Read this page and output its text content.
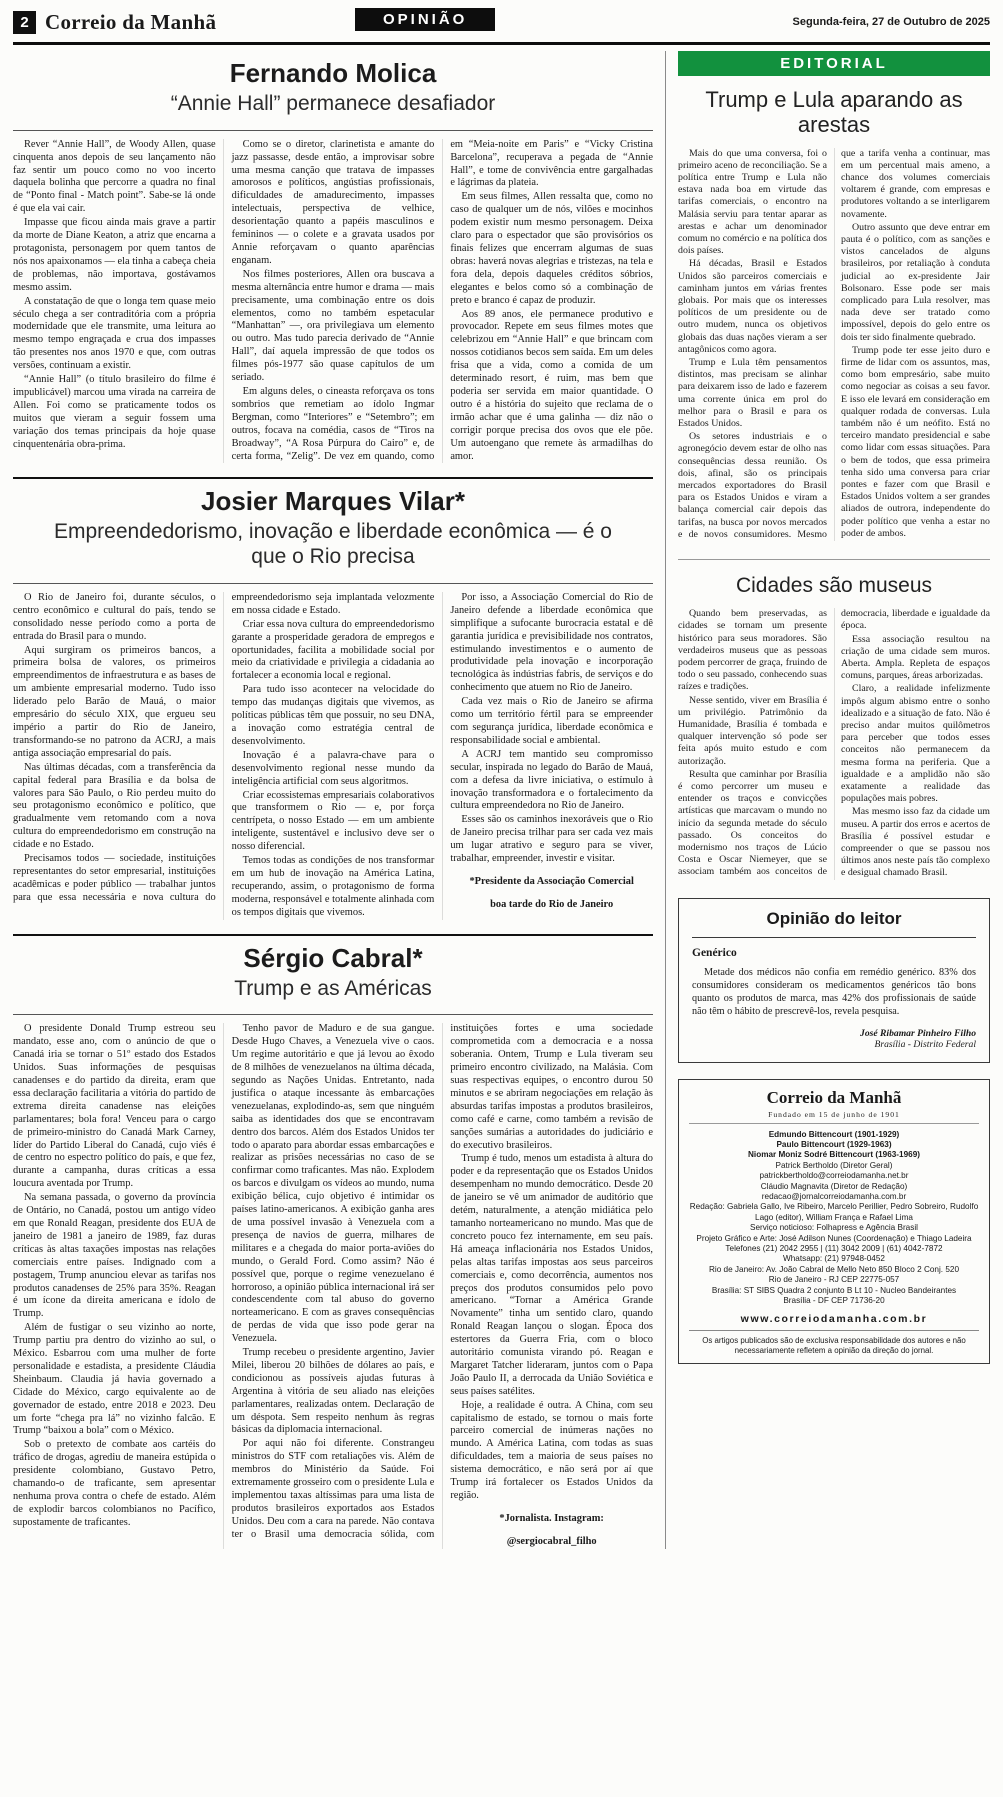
2 Correio da Manhã	OPINIÃO	Segunda-feira, 27 de Outubro de 2025
Fernando Molica
“Annie Hall” permanece desafiador

Rever “Annie Hall”, de Woody Allen, quase cinquenta anos depois de seu lançamento não faz sentir um pouco como no voo incerto daquela bolinha que percorre a quadra no final de “Ponto final - Match point”. Sabe-se lá onde é que ela vai cair.

Impasse que ficou ainda mais grave a partir da morte de Diane Keaton, a atriz que encarna a protagonista, personagem por quem tantos de nós nos apaixonamos — ela tinha a cabeça cheia de problemas, não importava, gostávamos mesmo assim.

A constatação de que o longa tem quase meio século chega a ser contraditória com a própria modernidade que ele transmite, uma leitura ao mesmo tempo engraçada e crua dos impasses tão presentes nos anos 1970 e que, com outras versões, continuam a existir.

“Annie Hall” (o título brasileiro do filme é impublicável) marcou uma virada na carreira de Allen. Foi como se praticamente todos os muitos que vieram a seguir fossem uma variação dos temas principais da hoje quase cinquentenária obra-prima.

Como se o diretor, clarinetista e amante do jazz passasse, desde então, a improvisar sobre uma mesma canção que tratava de impasses amorosos e políticos, angústias profissionais, dificuldades de amadurecimento, impasses intelectuais, perspectiva de velhice, desorientação quanto a papéis masculinos e femininos — o colete e a gravata usados por Annie reforçavam o quanto aparências enganam.

Nos filmes posteriores, Allen ora buscava a mesma alternância entre humor e drama — mais precisamente, uma combinação entre os dois elementos, como no também espetacular “Manhattan” —, ora privilegiava um elemento ou outro. Mas tudo parecia derivado de “Annie Hall”, daí aquela impressão de que todos os filmes pós-1977 são quase capítulos de um seriado.

Em alguns deles, o cineasta reforçava os tons sombrios que remetiam ao ídolo Ingmar Bergman, como “Interiores” e “Setembro”; em outros, focava na comédia, casos de “Tiros na Broadway”, “A Rosa Púrpura do Cairo” e, de certa forma, “Zelig”. De vez em quando, como em “Meia-noite em Paris” e “Vicky Cristina Barcelona”, recuperava a pegada de “Annie Hall”, e tome de convivência entre gargalhadas e lágrimas da plateia.

Em seus filmes, Allen ressalta que, como no caso de qualquer um de nós, vilões e mocinhos podem existir num mesmo personagem. Deixa claro para o espectador que são provisórios os finais felizes que encerram algumas de suas obras: haverá novas alegrias e tristezas, na tela e fora dela, depois daqueles créditos sóbrios, elegantes e belos como só a combinação de preto e branco é capaz de produzir.

Aos 89 anos, ele permanece produtivo e provocador. Repete em seus filmes motes que celebrizou em “Annie Hall” e que brincam com nossos cotidianos becos sem saída. Em um deles frisa que a vida, como a comida de um determinado resort, é ruim, mas bem que poderia ser servida em maior quantidade. O outro é a história do sujeito que reclama de o irmão achar que é uma galinha — diz não o corrigir porque precisa dos ovos que ele põe. Um autoengano que remete às armadilhas do amor.

Josier Marques Vilar*
Empreendedorismo, inovação e liberdade econômica — é o que o Rio precisa

O Rio de Janeiro foi, durante séculos, o centro econômico e cultural do país, tendo se consolidado nesse período como a porta de entrada do Brasil para o mundo.

Aqui surgiram os primeiros bancos, a primeira bolsa de valores, os primeiros empreendimentos de infraestrutura e as bases de um ambiente empresarial moderno. Tudo isso liderado pelo Barão de Mauá, o maior empresário do século XIX, que ergueu seu império a partir do Rio de Janeiro, transformando-se no patrono da ACRJ, a mais antiga associação empresarial do país.

Nas últimas décadas, com a transferência da capital federal para Brasília e da bolsa de valores para São Paulo, o Rio perdeu muito do seu protagonismo econômico e político, que gradualmente vem retomando com a nova cultura do empreendedorismo em construção na cidade e no Estado.

Precisamos todos — sociedade, instituições representantes do setor empresarial, instituições acadêmicas e poder público — trabalhar juntos para que essa necessária e nova cultura do empreendedorismo seja implantada velozmente em nossa cidade e Estado.

Criar essa nova cultura do empreendedorismo garante a prosperidade geradora de empregos e oportunidades, facilita a mobilidade social por meio da criatividade e privilegia a cidadania ao fortalecer a economia local e regional.

Para tudo isso acontecer na velocidade do tempo das mudanças digitais que vivemos, as políticas públicas têm que possuir, no seu DNA, a inovação como estratégia central de desenvolvimento.

Inovação é a palavra-chave para o desenvolvimento regional nesse mundo da inteligência artificial com seus algoritmos.

Criar ecossistemas empresariais colaborativos que transformem o Rio — e, por força centrípeta, o nosso Estado — em um ambiente inteligente, sustentável e inclusivo deve ser o nosso diferencial.

Temos todas as condições de nos transformar em um hub de inovação na América Latina, recuperando, assim, o protagonismo de forma moderna, responsável e totalmente alinhada com os tempos digitais que vivemos.

Por isso, a Associação Comercial do Rio de Janeiro defende a liberdade econômica que simplifique a sufocante burocracia estatal e dê garantia jurídica e previsibilidade nos contratos, estimulando investimentos e o aumento de produtividade pela inovação e incorporação tecnológica às indústrias fabris, de serviços e do conhecimento que atuem no Rio de Janeiro.

Cada vez mais o Rio de Janeiro se afirma como um território fértil para se empreender com segurança jurídica, liberdade econômica e responsabilidade social e ambiental.

A ACRJ tem mantido seu compromisso secular, inspirada no legado do Barão de Mauá, com a defesa da livre iniciativa, o estímulo à inovação transformadora e o fortalecimento da cultura empreendedora no Rio de Janeiro.

Esses são os caminhos inexoráveis que o Rio de Janeiro precisa trilhar para ser cada vez mais um lugar atrativo e seguro para se viver, trabalhar, empreender, investir e visitar.

*Presidente da Associação Comercial

boa tarde do Rio de Janeiro

Sérgio Cabral*
Trump e as Américas

O presidente Donald Trump estreou seu mandato, esse ano, com o anúncio de que o Canadá iria se tornar o 51º estado dos Estados Unidos. Suas informações de pesquisas canadenses e do partido da direita, eram que essa declaração facilitaria a vitória do partido de extrema direita canadense nas eleições parlamentares; bola fora! Venceu para o cargo de primeiro-ministro do Canadá Mark Carney, líder do Partido Liberal do Canadá, cujo viés é de centro no espectro político do país, e que fez, durante a campanha, duras críticas a essa loucura aventada por Trump.

Na semana passada, o governo da província de Ontário, no Canadá, postou um antigo vídeo em que Ronald Reagan, presidente dos EUA de janeiro de 1981 a janeiro de 1989, faz duras críticas às altas taxações impostas nas relações comerciais entre países. Indignado com a postagem, Trump anunciou elevar as tarifas nos produtos canadenses de 25% para 35%. Reagan é um ícone da direita americana e ídolo de Trump.

Além de fustigar o seu vizinho ao norte, Trump partiu pra dentro do vizinho ao sul, o México. Esbarrou com uma mulher de forte personalidade e estadista, a presidente Cláudia Sheinbaum. Claudia já havia governado a Cidade do México, cargo equivalente ao de governador de estado, entre 2018 e 2023. Deu um forte “chega pra lá” no vizinho falcão. E Trump “baixou a bola” com o México.

Sob o pretexto de combate aos cartéis do tráfico de drogas, agrediu de maneira estúpida o presidente colombiano, Gustavo Petro, chamando-o de traficante, sem apresentar nenhuma prova contra o chefe de estado. Além de explodir barcos colombianos no Pacífico, supostamente de traficantes.

Tenho pavor de Maduro e de sua gangue. Desde Hugo Chaves, a Venezuela vive o caos. Um regime autoritário e que já levou ao êxodo de 8 milhões de venezuelanos na última década, segundo as Nações Unidas. Entretanto, nada justifica o ataque incessante às embarcações venezuelanas, explodindo-as, sem que ninguém saiba as identidades dos que se encontravam dentro dos barcos. Além dos Estados Unidos ter todo o aparato para abordar essas embarcações e realizar as prisões necessárias no caso de se confirmar como traficantes. Mas não. Explodem os barcos e divulgam os vídeos ao mundo, numa exibição bélica, cujo objetivo é intimidar os países latino-americanos. A exibição ganha ares de uma possível invasão à Venezuela com a presença de navios de guerra, milhares de militares e a chegada do maior porta-aviões do mundo, o Gerald Ford. Como assim? Não é possível que, porque o regime venezuelano é horroroso, a opinião pública internacional irá ser condescendente com tal abuso do governo norteamericano. E com as graves consequências de perdas de vida que isso pode gerar na Venezuela.

Trump recebeu o presidente argentino, Javier Milei, liberou 20 bilhões de dólares ao país, e condicionou as possíveis ajudas futuras à Argentina à vitória de seu aliado nas eleições parlamentares, realizadas ontem. Declaração de um déspota. Sem respeito nenhum às regras básicas da diplomacia internacional.

Por aqui não foi diferente. Constrangeu ministros do STF com retaliações vis. Além de membros do Ministério da Saúde. Foi extremamente grosseiro com o presidente Lula e implementou taxas altíssimas para uma lista de produtos brasileiros exportados aos Estados Unidos. Deu com a cara na parede. Não contava ter o Brasil uma democracia sólida, com instituições fortes e uma sociedade comprometida com a democracia e a nossa soberania. Ontem, Trump e Lula tiveram seu primeiro encontro civilizado, na Malásia. Com suas respectivas equipes, o encontro durou 50 minutos e se abriram negociações em relação às absurdas tarifas impostas a produtos brasileiros, como café e carne, como também a revisão de sanções sumárias a autoridades do judiciário e do executivo brasileiros.

Trump é tudo, menos um estadista à altura do poder e da representação que os Estados Unidos desempenham no mundo democrático. Desde 20 de janeiro se vê um animador de auditório que detém, naturalmente, a atenção midiática pelo tamanho norteamericano no mundo. Mas que de concreto pouco fez internamente, em seu país. Há ameaça inflacionária nos Estados Unidos, pelas altas tarifas impostas aos seus parceiros comerciais e, como decorrência, aumentos nos preços dos produtos consumidos pelo povo americano. “Tornar a América Grande Novamente” tinha um sentido claro, quando Ronald Reagan lançou o slogan. Época dos estertores da Guerra Fria, com o bloco autoritário comunista virando pó. Reagan e Margaret Tatcher lideraram, juntos com o Papa João Paulo II, a derrocada da União Soviética e seus países satélites.

Hoje, a realidade é outra. A China, com seu capitalismo de estado, se tornou o mais forte parceiro comercial de inúmeras nações no mundo. A América Latina, com todas as suas dificuldades, tem a maioria de seus países no sistema democrático, e não será por aí que Trump irá fortalecer os Estados Unidos da região.

*Jornalista. Instagram:

@sergiocabral_filho

EDITORIAL
Trump e Lula aparando as arestas

Mais do que uma conversa, foi o primeiro aceno de reconciliação. Se a política entre Trump e Lula não estava nada boa em virtude das tarifas comerciais, o encontro na Malásia serviu para tentar aparar as arestas e achar um denominador comum no comércio e na política dos dois países.

Há décadas, Brasil e Estados Unidos são parceiros comerciais e caminham juntos em várias frentes globais. Por mais que os interesses políticos de um presidente ou de outro mudem, nunca os objetivos globais das duas nações vieram a ser antagônicos como agora.

Trump e Lula têm pensamentos distintos, mas precisam se alinhar para deixarem isso de lado e fazerem uma corrente única em prol do melhor para o Brasil e para os Estados Unidos.

Os setores industriais e o agronegócio devem estar de olho nas consequências dessa reunião. Os dois, afinal, são os principais mercados exportadores do Brasil para os Estados Unidos e viram a balança comercial cair depois das tarifas, na busca por novos mercados e de novos consumidores. Mesmo que a tarifa venha a continuar, mas em um percentual mais ameno, a chance dos volumes comerciais voltarem é grande, com empresas e produtores voltando a se interligarem novamente.

Outro assunto que deve entrar em pauta é o político, com as sanções e vistos cancelados de alguns brasileiros, por retaliação à conduta judicial ao ex-presidente Jair Bolsonaro. Esse pode ser mais complicado para Lula resolver, mas nada deve ser tratado como impossível, depois do gelo entre os dois ter sido finalmente quebrado.

Trump pode ter esse jeito duro e firme de lidar com os assuntos, mas, como bom empresário, sabe muito como negociar as coisas a seu favor. E isso ele levará em consideração em qualquer rodada de conversas. Lula também não é um neófito. Está no terceiro mandato presidencial e sabe como lidar com essas situações. Para o bem de todos, que essa primeira tenha sido uma conversa para criar pontes e fazer com que Brasil e Estados Unidos voltem a ser grandes aliados de outrora, independente do poder político que venha a estar no poder de ambos.

Cidades são museus

Quando bem preservadas, as cidades se tornam um presente histórico para seus moradores. São verdadeiros museus que as pessoas podem percorrer de graça, fruindo de todo o seu passado, conhecendo suas raízes e tradições.

Nesse sentido, viver em Brasília é um privilégio. Patrimônio da Humanidade, Brasília é tombada e qualquer intervenção só pode ser feita após muito estudo e com autorização.

Resulta que caminhar por Brasília é como percorrer um museu e entender os traços e convicções artísticas que marcavam o mundo no início da segunda metade do século passado. Os conceitos do modernismo nos traços de Lúcio Costa e Oscar Niemeyer, que se associam também aos conceitos de democracia, liberdade e igualdade da época.

Essa associação resultou na criação de uma cidade sem muros. Aberta. Ampla. Repleta de espaços comuns, parques, áreas arborizadas.

Claro, a realidade infelizmente impôs algum abismo entre o sonho idealizado e a situação de fato. Não é preciso andar muitos quilômetros para perceber que todos esses conceitos não permanecem da mesma forma na periferia. Que a igualdade e a amplidão não são exatamente a realidade das populações mais pobres.

Mas mesmo isso faz da cidade um museu. A partir dos erros e acertos de Brasília é possível estudar e compreender o que se passou nos últimos anos neste país tão complexo e desigual chamado Brasil.

Opinião do leitor
Genérico
Metade dos médicos não confia em remédio genérico. 83% dos consumidores consideram os medicamentos genéricos tão bons quanto os produtos de marca, mas 42% dos profissionais de saúde não têm o hábito de prescrevê-los, revela pesquisa.
José Ribamar Pinheiro Filho
Brasília - Distrito Federal
Correio da Manhã
Fundado em 15 de junho de 1901

Edmundo Bittencourt (1901-1929)

Paulo Bittencourt (1929-1963)

Niomar Moniz Sodré Bittencourt (1963-1969)

Patrick Bertholdo (Diretor Geral)

patrickbertholdo@correiodamanha.net.br

Cláudio Magnavita (Diretor de Redação)

redacao@jornalcorreiodamanha.com.br

Redação: Gabriela Gallo, Ive Ribeiro, Marcelo Perillier, Pedro Sobreiro, Rudolfo Lago (editor), William França e Rafael Lima

Serviço noticioso: Folhapress e Agência Brasil

Projeto Gráfico e Arte: José Adilson Nunes (Coordenação) e Thiago Ladeira

Telefones (21) 2042 2955 | (11) 3042 2009 | (61) 4042-7872

Whatsapp: (21) 97948-0452

Rio de Janeiro: Av. João Cabral de Mello Neto 850 Bloco 2 Conj. 520

Rio de Janeiro - RJ CEP 22775-057

Brasília: ST SIBS Quadra 2 conjunto B Lt 10 - Nucleo Bandeirantes

Brasília - DF CEP 71736-20

www.correiodamanha.com.br
Os artigos publicados são de exclusiva responsabilidade dos autores e não necessariamente refletem a opinião da direção do jornal.
